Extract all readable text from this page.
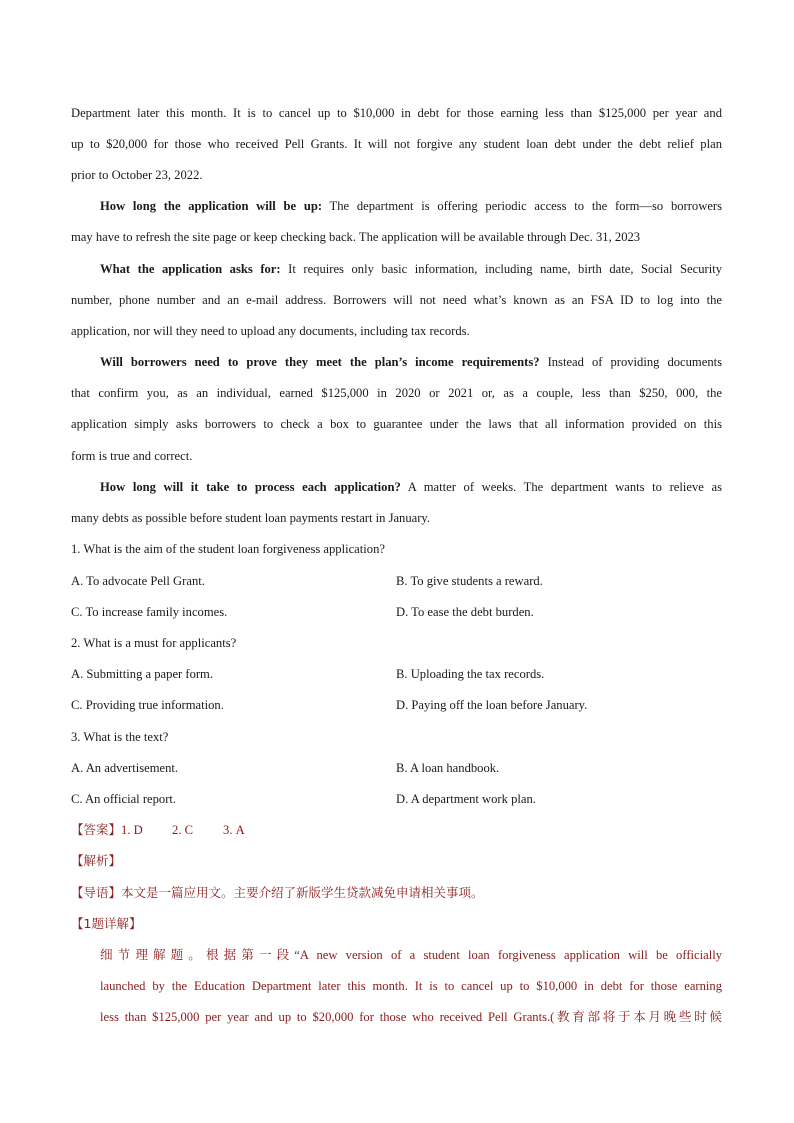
Department later this month. It is to cancel up to $10,000 in debt for those earning less than $125,000 per year and
up to $20,000 for those who received Pell Grants. It will not forgive any student loan debt under the debt relief plan
prior to October 23, 2022.
How long the application will be up: The department is offering periodic access to the form—so borrowers
may have to refresh the site page or keep checking back. The application will be available through Dec. 31, 2023
What the application asks for: It requires only basic information, including name, birth date, Social Security
number, phone number and an e-mail address. Borrowers will not need what’s known as an FSA ID to log into the
application, nor will they need to upload any documents, including tax records.
Will borrowers need to prove they meet the plan’s income requirements? Instead of providing documents
that confirm you, as an individual, earned $125,000 in 2020 or 2021 or, as a couple, less than $250, 000, the
application simply asks borrowers to check a box to guarantee under the laws that all information provided on this
form is true and correct.
How long will it take to process each application? A matter of weeks. The department wants to relieve as
many debts as possible before student loan payments restart in January.
1. What is the aim of the student loan forgiveness application?
A. To advocate Pell Grant.	B. To give students a reward.
C. To increase family incomes.	D. To ease the debt burden.
2. What is a must for applicants?
A. Submitting a paper form.	B. Uploading the tax records.
C. Providing true information.	D. Paying off the loan before January.
3. What is the text?
A. An advertisement.	B. A loan handbook.
C. An official report.	D. A department work plan.
【答案】1. D 2. C 3. A
【解析】
【导语】本文是一篇应用文。主要介绍了新版学生贷款减免申请相关事项。
【1题详解】
细节理解题。根据第一段“A new version of a student loan forgiveness application will be officially
launched by the Education Department later this month. It is to cancel up to $10,000 in debt for those earning
less than $125,000 per year and up to $20,000 for those who received Pell Grants.(教育部将于本月晚些时候
